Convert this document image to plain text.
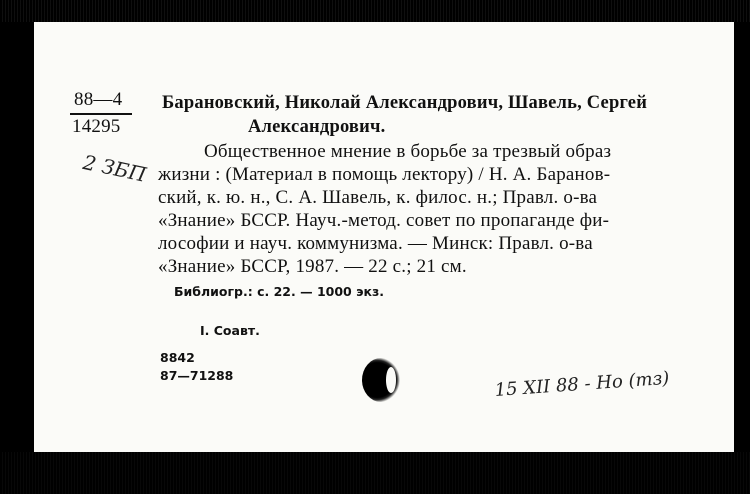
88—4
14295
Барановский, Николай Александрович, Шавель, Сергей
Александрович.
Общественное мнение в борьбе за трезвый образ
жизни : (Материал в помощь лектору) / Н. А. Баранов-
ский, к. ю. н., С. А. Шавель, к. филос. н.; Правл. о-ва
«Знание» БССР. Науч.-метод. совет по пропаганде фи-
лософии и науч. коммунизма. — Минск: Правл. о-ва
«Знание» БССР, 1987. — 22 с.; 21 см.
Библиогр.: с. 22. — 1000 экз.
I. Соавт.
8842
87—71288
2 ЗБП
15 XII 88 - Но (тз)
